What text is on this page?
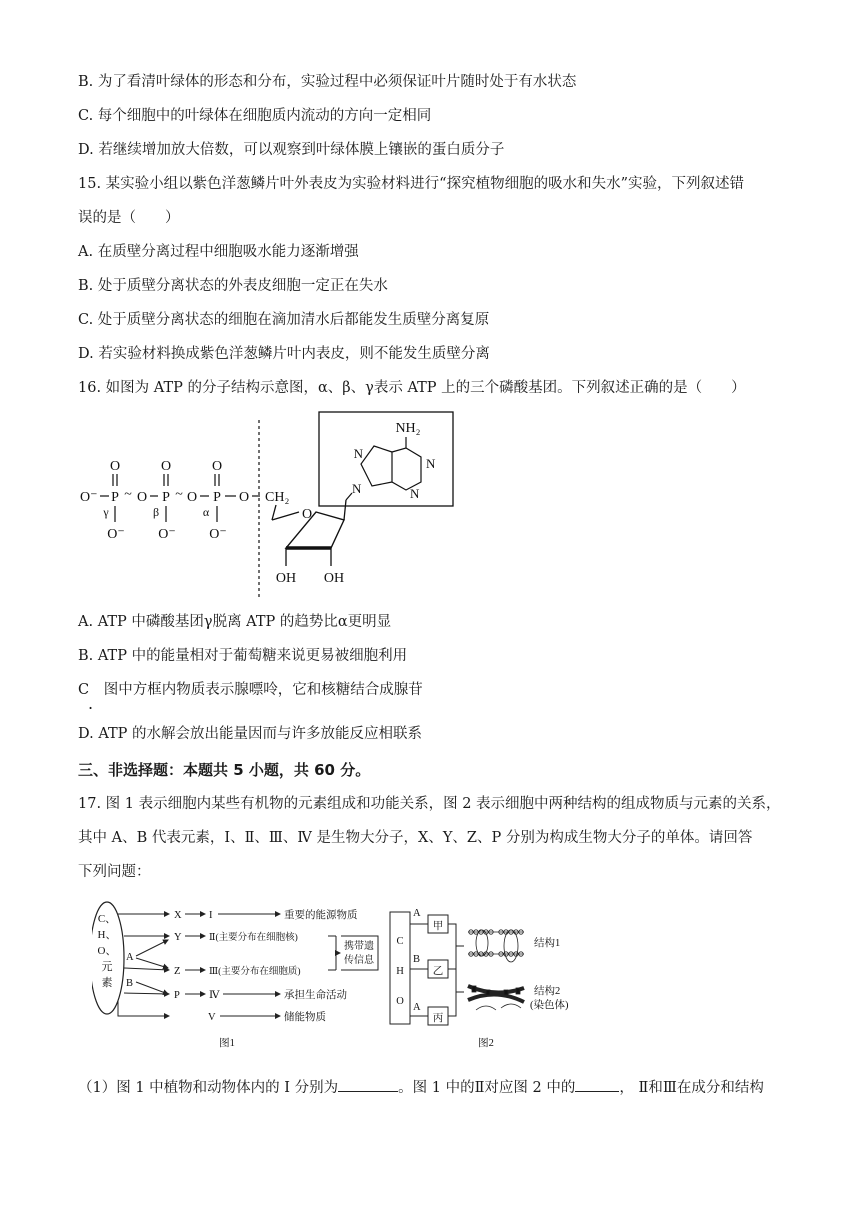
B. 为了看清叶绿体的形态和分布，实验过程中必须保证叶片随时处于有水状态
C. 每个细胞中的叶绿体在细胞质内流动的方向一定相同
D. 若继续增加放大倍数，可以观察到叶绿体膜上镶嵌的蛋白质分子
15. 某实验小组以紫色洋葱鳞片叶外表皮为实验材料进行“探究植物细胞的吸水和失水”实验，下列叙述错
误的是（　　）
A. 在质壁分离过程中细胞吸水能力逐渐增强
B. 处于质壁分离状态的外表皮细胞一定正在失水
C. 处于质壁分离状态的细胞在滴加清水后都能发生质壁分离复原
D. 若实验材料换成紫色洋葱鳞片叶内表皮，则不能发生质壁分离
16. 如图为 ATP 的分子结构示意图，α、β、γ表示 ATP 上的三个磷酸基团。下列叙述正确的是（　　）
O
O⁻ P ~
γ
O⁻
O
O
P ~
β
O⁻
O
O
P
α
O⁻
O CH₂
O
OH OH
NH₂
N
N
N
N
A. ATP 中磷酸基团γ脱离 ATP 的趋势比α更明显
B. ATP 中的能量相对于葡萄糖来说更易被细胞利用
C 图中方框内物质表示腺嘌呤，它和核糖结合成腺苷
.
D. ATP 的水解会放出能量因而与许多放能反应相联系
三、非选择题：本题共 5 小题，共 60 分。
17. 图 1 表示细胞内某些有机物的元素组成和功能关系，图 2 表示细胞中两种结构的组成物质与元素的关系，
其中 A、B 代表元素，I、Ⅱ、Ⅲ、Ⅳ 是生物大分子，X、Y、Z、P 分别为构成生物大分子的单体。请回答
下列问题：
C、
H、
O、
元
素
X	I	重要的能源物质
Y	Ⅱ(主要分布在细胞核)
A
Z	Ⅲ(主要分布在细胞质)
携带遗
传信息
B
P	Ⅳ	承担生命活动
V	储能物质
图1
C
H
O
A
甲
B
乙
A
丙
结构1
结构2
(染色体)
图2
（1）图 1 中植物和动物体内的 I 分别为	。图 1 中的Ⅱ对应图 2 中的	， Ⅱ和Ⅲ在成分和结构
